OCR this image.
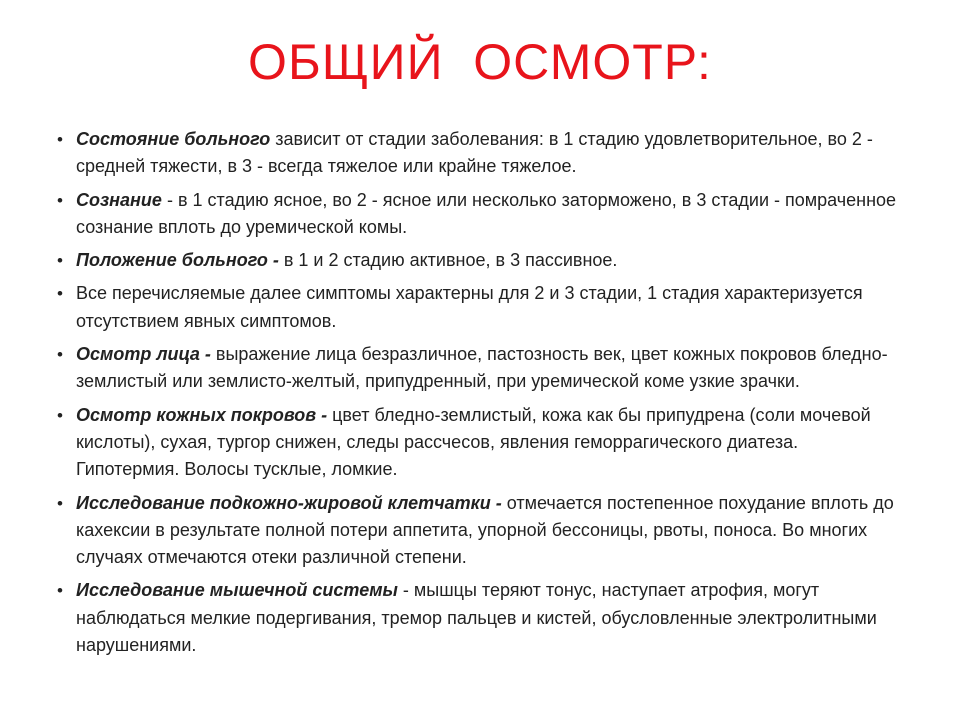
ОБЩИЙ  ОСМОТР:
• Состояние больного зависит от стадии заболевания: в 1 стадию удовлетворительное, во 2 - средней тяжести, в 3 - всегда тяжелое или крайне тяжелое.
• Сознание - в 1 стадию ясное, во 2 - ясное или несколько заторможено, в 3 стадии - помраченное сознание вплоть до уремической комы.
• Положение больного - в 1 и 2 стадию активное, в 3 пассивное.
• Все перечисляемые далее симптомы характерны для 2 и 3 стадии, 1 стадия характеризуется отсутствием явных симптомов.
• Осмотр лица - выражение лица безразличное, пастозность век, цвет кожных покровов бледно-землистый или землисто-желтый, припудренный, при уремической коме узкие зрачки.
• Осмотр кожных покровов - цвет бледно-землистый, кожа как бы припудрена (соли мочевой кислоты), сухая, тургор снижен, следы рассчесов, явления геморрагического диатеза. Гипотермия. Волосы тусклые, ломкие.
• Исследование подкожно-жировой клетчатки - отмечается постепенное похудание вплоть до кахексии в результате полной потери аппетита, упорной бессоницы, рвоты, поноса. Во многих случаях отмечаются отеки различной степени.
• Исследование мышечной системы - мышцы теряют тонус, наступает атрофия, могут наблюдаться мелкие подергивания, тремор пальцев и кистей, обусловленные электролитными нарушениями.
